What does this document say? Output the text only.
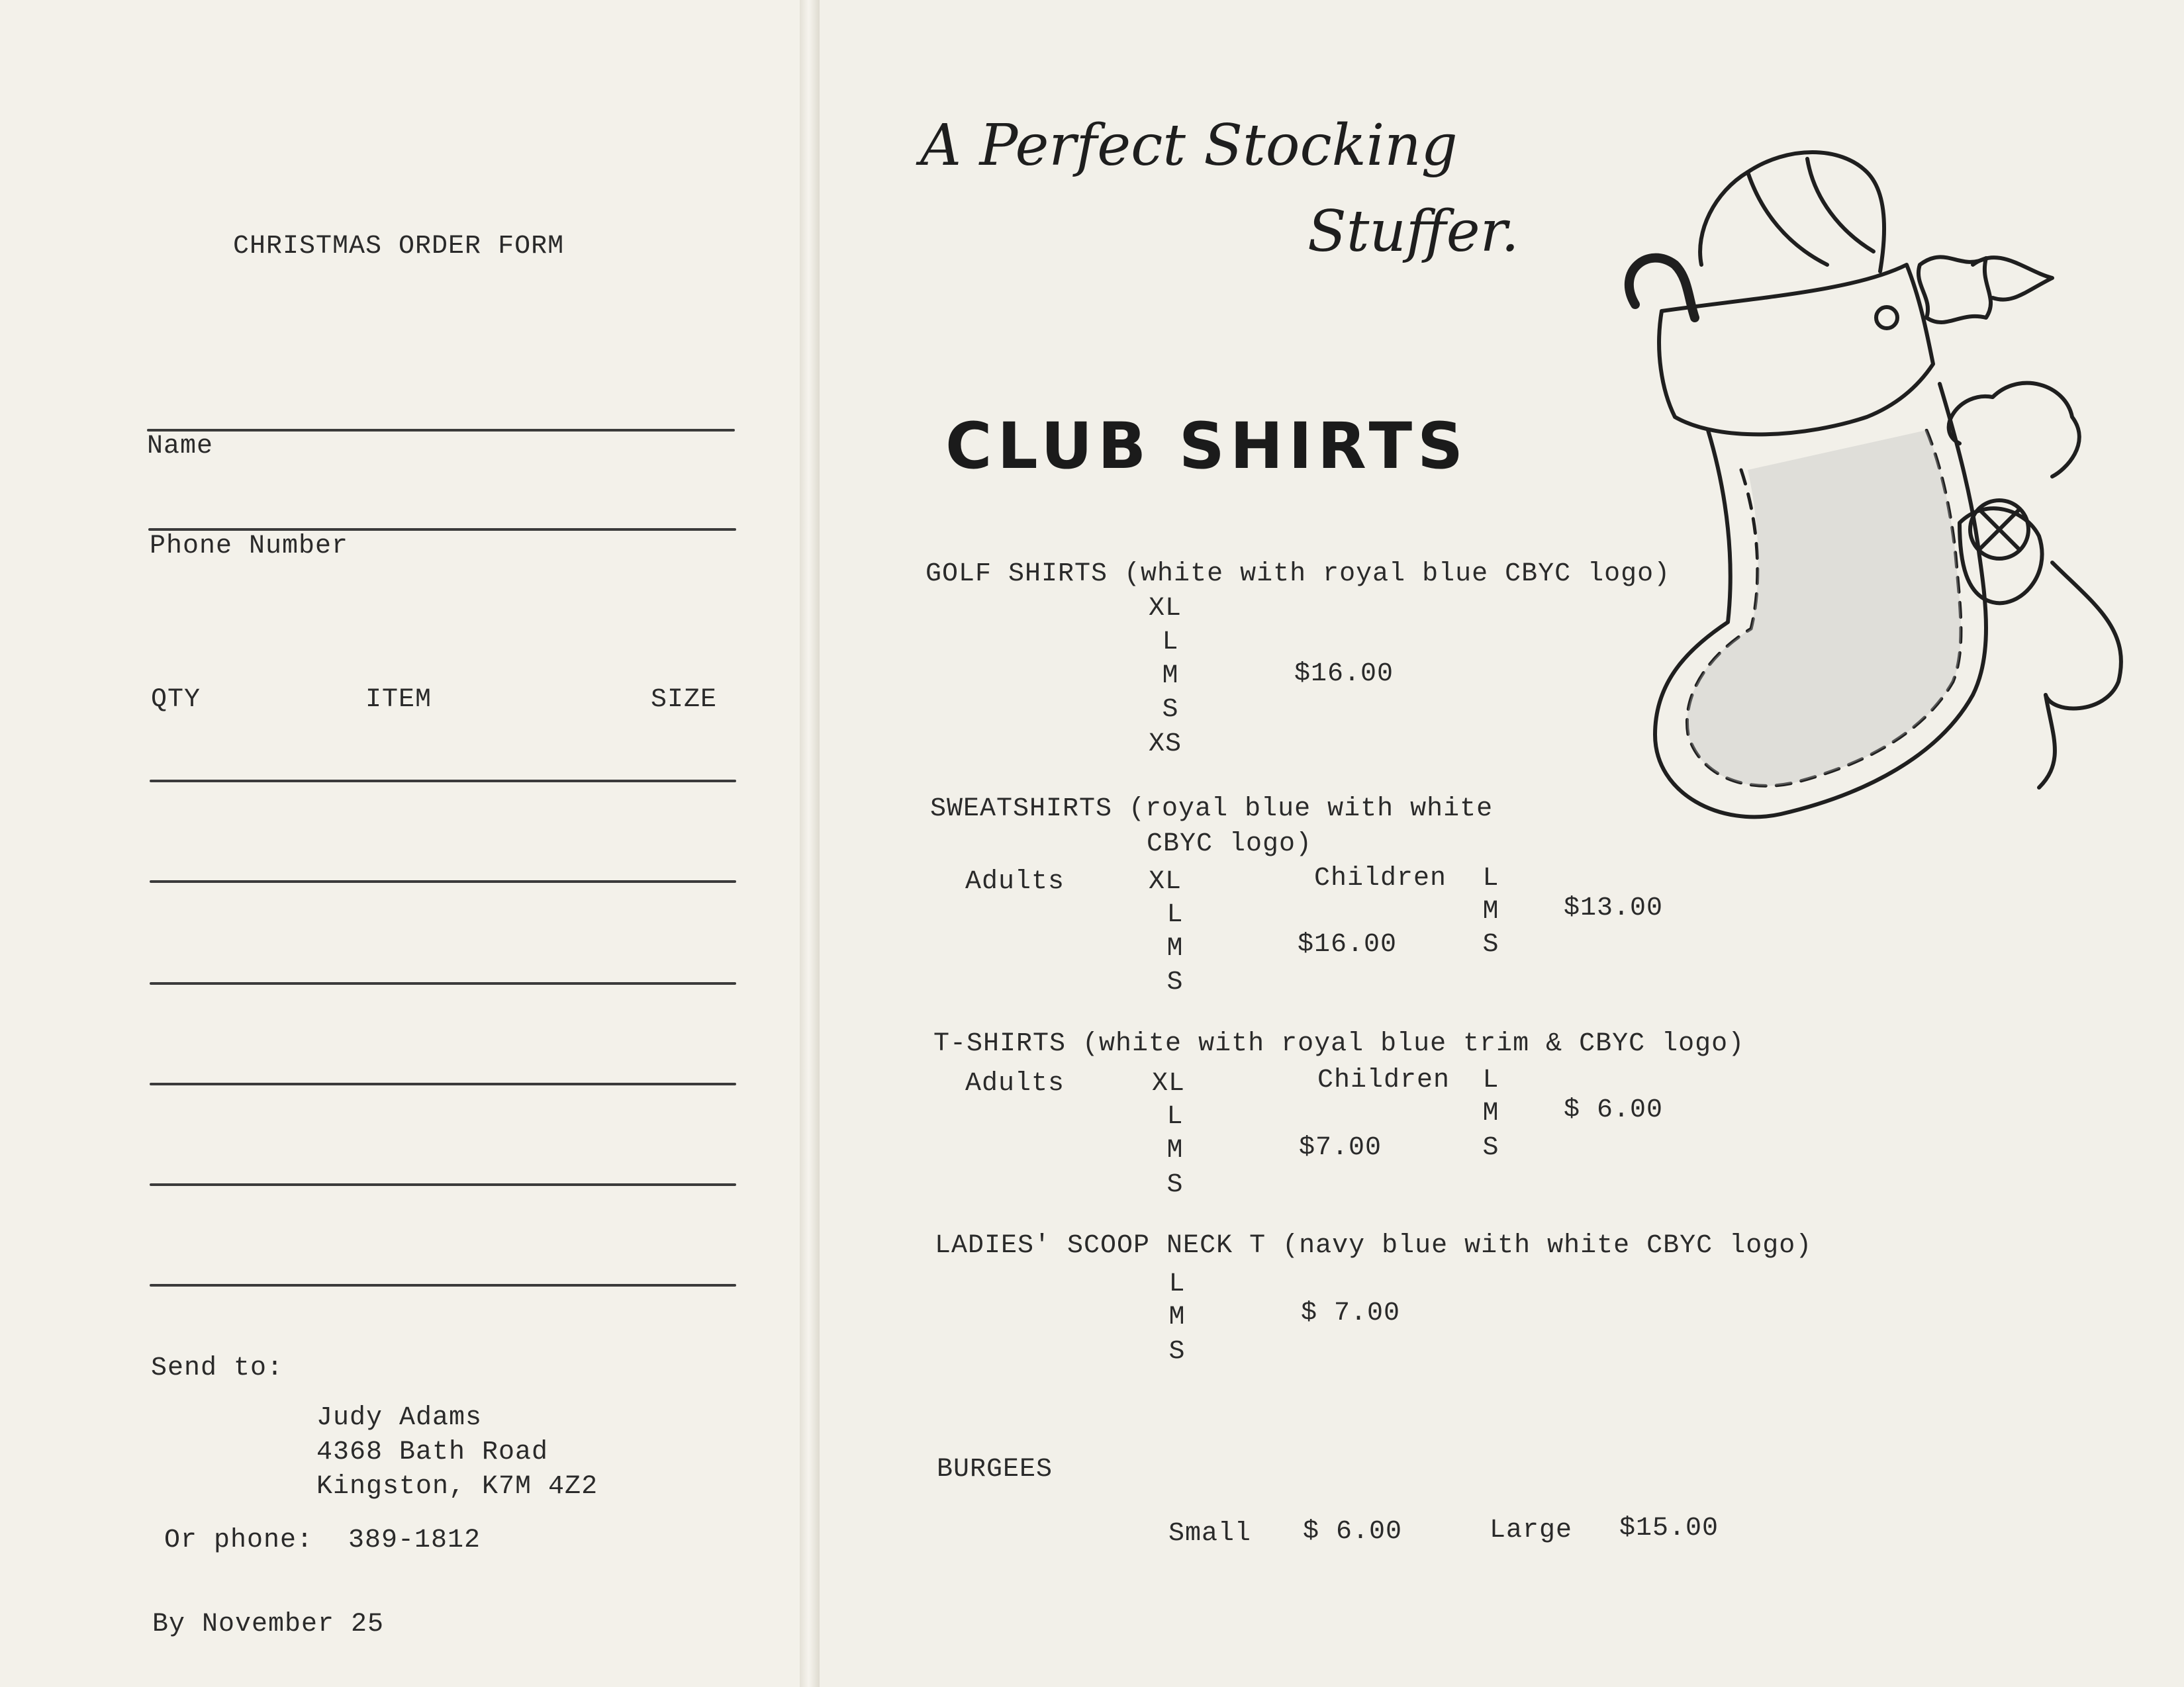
CHRISTMAS ORDER FORM
Name
Phone Number
QTY	ITEM	SIZE
Send to:
Judy Adams
4368 Bath Road
Kingston, K7M 4Z2
Or phone: 389-1812
By November 25
A Perfect Stocking
Stuffer.
CLUB SHIRTS
GOLF SHIRTS (white with royal blue CBYC logo)
XL
L
M
S
XS
$16.00
SWEATSHIRTS (royal blue with white
CBYC logo)
Adults	XL
L
M
S
$16.00
Children	L
M
S
$13.00
T-SHIRTS (white with royal blue trim & CBYC logo)
Adults	XL
L
M
S
$7.00
Children	L
M
S
$ 6.00
LADIES' SCOOP NECK T (navy blue with white CBYC logo)
L
M
S
$ 7.00
BURGEES
Small $ 6.00	Large $15.00
